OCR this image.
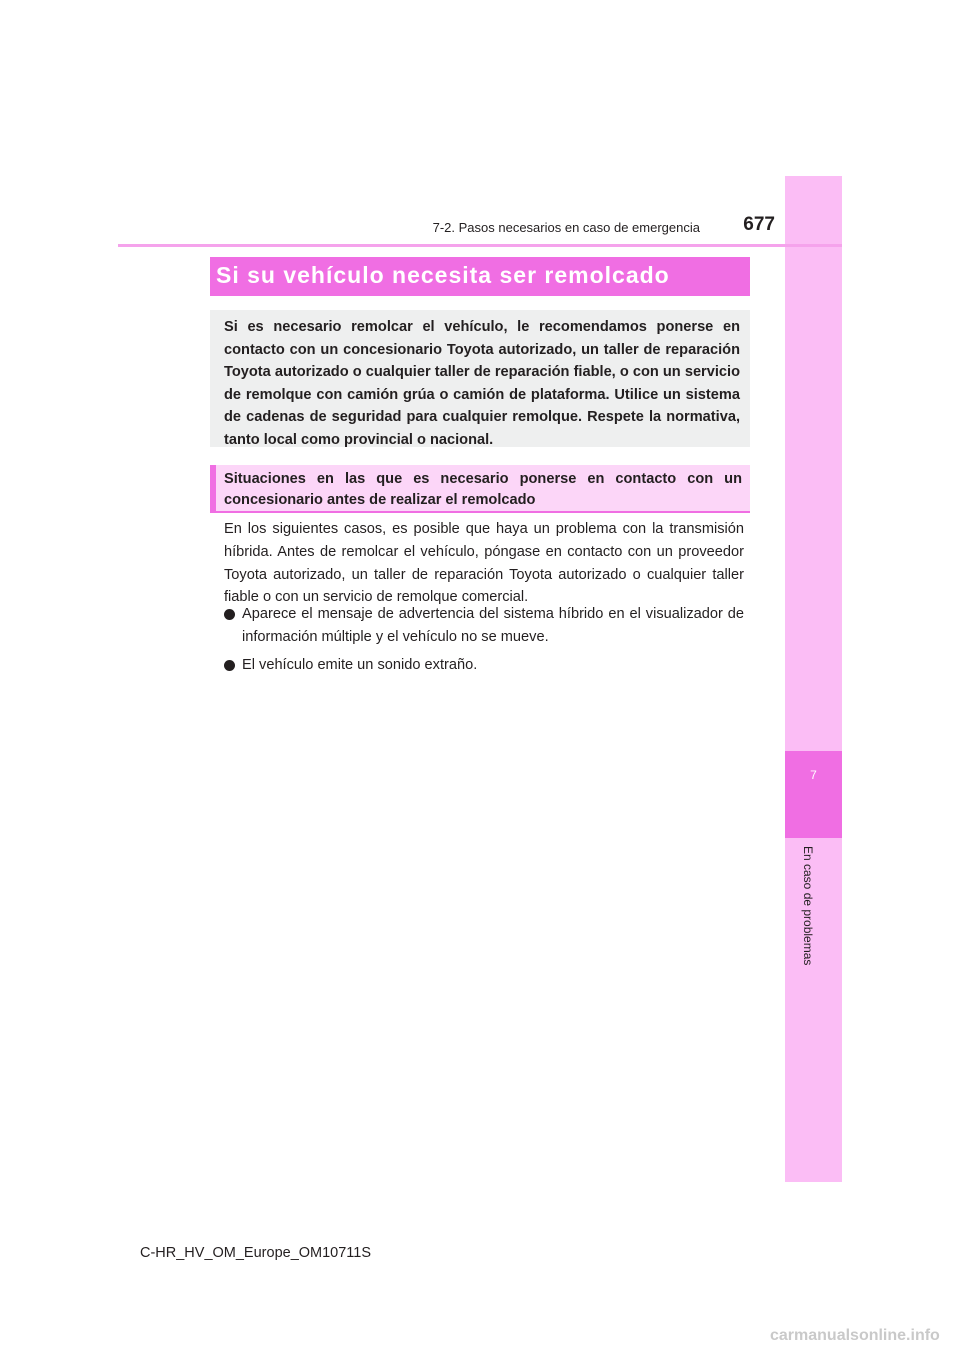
7
En caso de problemas
7-2. Pasos necesarios en caso de emergencia	677
Si su vehículo necesita ser remolcado
Si es necesario remolcar el vehículo, le recomendamos ponerse en contacto con un concesionario Toyota autorizado, un taller de reparación Toyota autorizado o cualquier taller de reparación fiable, o con un servicio de remolque con camión grúa o camión de plataforma. Utilice un sistema de cadenas de seguridad para cualquier remolque. Respete la normativa, tanto local como provincial o nacional.
Situaciones en las que es necesario ponerse en contacto con un concesionario antes de realizar el remolcado
En los siguientes casos, es posible que haya un problema con la transmisión híbrida. Antes de remolcar el vehículo, póngase en contacto con un proveedor Toyota autorizado, un taller de reparación Toyota autorizado o cualquier taller fiable o con un servicio de remolque comercial.
Aparece el mensaje de advertencia del sistema híbrido en el visualizador de información múltiple y el vehículo no se mueve.
El vehículo emite un sonido extraño.
C-HR_HV_OM_Europe_OM10711S
carmanualsonline.info
